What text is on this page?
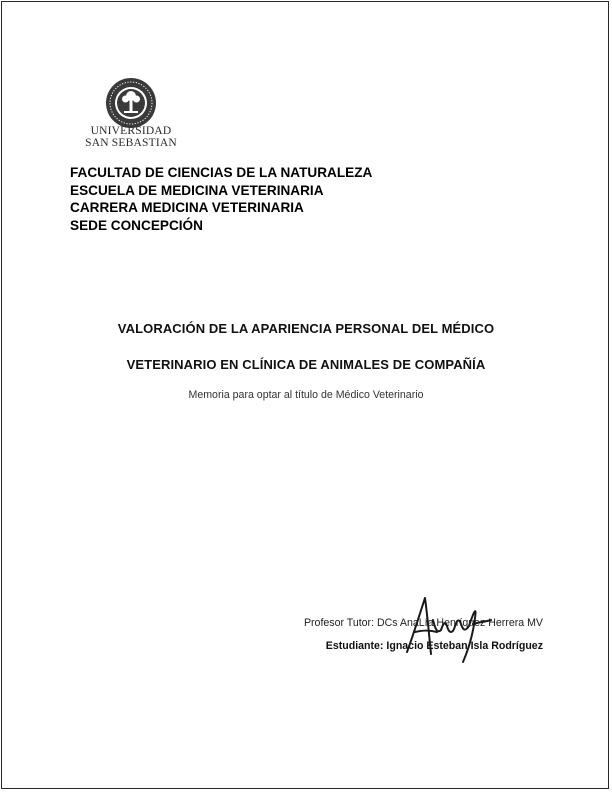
UNIVERSIDAD
SAN SEBASTIAN
FACULTAD DE CIENCIAS DE LA NATURALEZA
ESCUELA DE MEDICINA VETERINARIA
CARRERA MEDICINA VETERINARIA
SEDE CONCEPCIÓN
VALORACIÓN DE LA APARIENCIA PERSONAL DEL MÉDICO
VETERINARIO EN CLÍNICA DE ANIMALES DE COMPAÑÍA
Memoria para optar al título de Médico Veterinario
Profesor Tutor: DCs AnaLía Henríquez Herrera MV
Estudiante: Ignacio Esteban Isla Rodríguez
